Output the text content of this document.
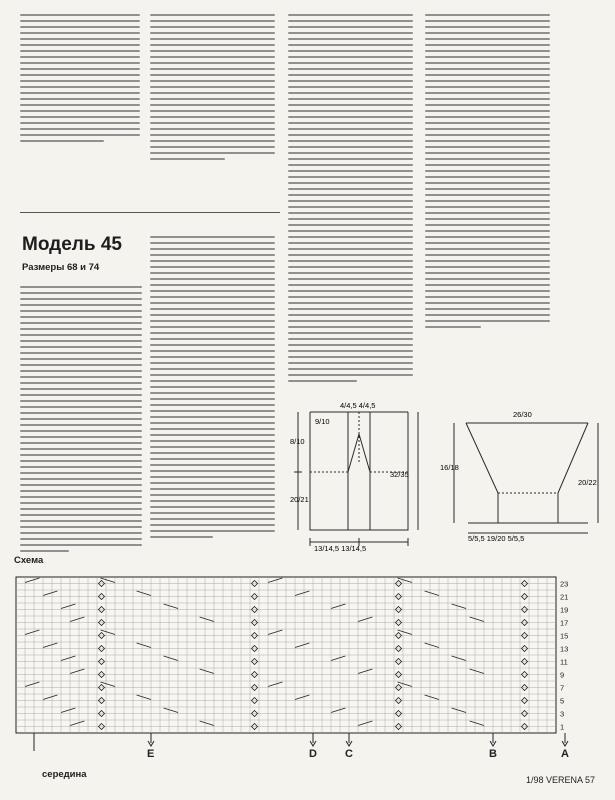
Модель 45
Размеры 68 и 74
4/4,5 4/4,5
9/10
8/10
20/21
32/35
13/14,5 13/14,5
26/30
16/18
20/22
5/5,5 19/20 5/5,5
Схема
23
21
19
17
15
13
11
9
7
5
3
1
E	D	C	B	A
середина	1/98 VERENA 57
